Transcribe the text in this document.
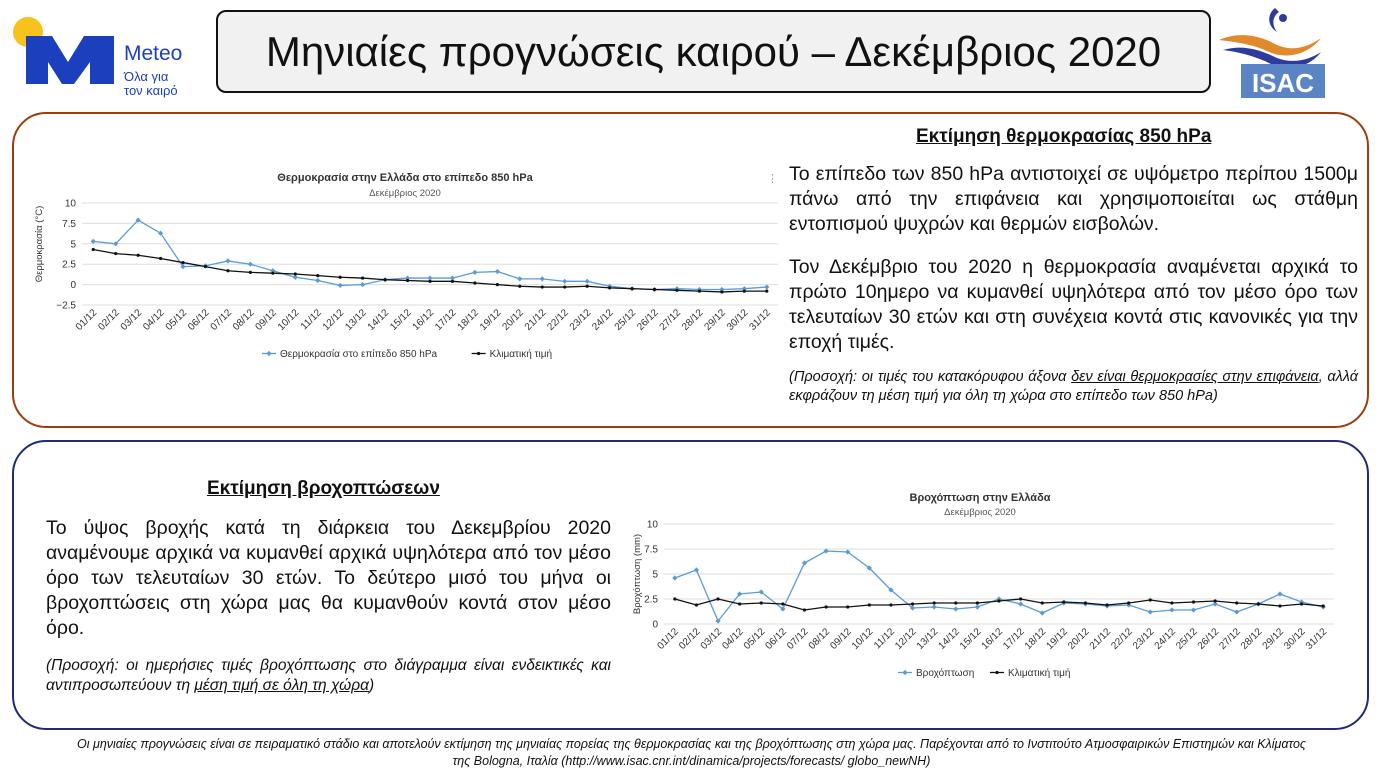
Meteo
Όλα για
τον καιρό
Μηνιαίες προγνώσεις καιρού – Δεκέμβριος 2020
ISAC
Θερμοκρασία στην Ελλάδα στο επίπεδο 850 hPa
Δεκέμβριος 2020
⋮
Θερμοκρασία (°C)
−2.5
0
2.5
5
7.5
10
01/12
02/12
03/12
04/12
05/12
06/12
07/12
08/12
09/12
10/12
11/12
12/12
13/12
14/12
15/12
16/12
17/12
18/12
19/12
20/12
21/12
22/12
23/12
24/12
25/12
26/12
27/12
28/12
29/12
30/12
31/12
Θερμοκρασία στο επίπεδο 850 hPa	Κλιματική τιμή
Εκτίμηση θερμοκρασίας 850 hPa
Το επίπεδο των 850 hPa αντιστοιχεί σε υψόμετρο περίπου 1500μ πάνω από την επιφάνεια και χρησιμοποιείται ως στάθμη εντοπισμού ψυχρών και θερμών εισβολών.
Τον Δεκέμβριο του 2020 η θερμοκρασία αναμένεται αρχικά το πρώτο 10ημερο να κυμανθεί υψηλότερα από τον μέσο όρο των τελευταίων 30 ετών και στη συνέχεια κοντά στις κανονικές για την εποχή τιμές.
(Προσοχή: οι τιμές του κατακόρυφου άξονα δεν είναι θερμοκρασίες στην επιφάνεια, αλλά εκφράζουν τη μέση τιμή για όλη τη χώρα στο επίπεδο των 850 hPa)
Εκτίμηση βροχοπτώσεων
Το ύψος βροχής κατά τη διάρκεια του Δεκεμβρίου 2020 αναμένουμε αρχικά να κυμανθεί αρχικά υψηλότερα από τον μέσο όρο των τελευταίων 30 ετών. Το δεύτερο μισό του μήνα οι βροχοπτώσεις στη χώρα μας θα κυμανθούν κοντά στον μέσο όρο.
(Προσοχή: οι ημερήσιες τιμές βροχόπτωσης στο διάγραμμα είναι ενδεικτικές και αντιπροσωπεύουν τη μέση τιμή σε όλη τη χώρα)
Βροχόπτωση στην Ελλάδα
Δεκέμβριος 2020
Βροχόπτωση (mm)
0
2.5
5
7.5
10
01/12
02/12
03/12
04/12
05/12
06/12
07/12
08/12
09/12
10/12
11/12
12/12
13/12
14/12
15/12
16/12
17/12
18/12
19/12
20/12
21/12
22/12
23/12
24/12
25/12
26/12
27/12
28/12
29/12
30/12
31/12
Βροχόπτωση	Κλιματική τιμή
Οι μηνιαίες προγνώσεις είναι σε πειραματικό στάδιο και αποτελούν εκτίμηση της μηνιαίας πορείας της θερμοκρασίας και της βροχόπτωσης στη χώρα μας. Παρέχονται από το Ινστιτούτο Ατμοσφαιρικών Επιστημών και Κλίματος
της Bologna, Ιταλία (http://www.isac.cnr.int/dinamica/projects/forecasts/ globo_newNH)
